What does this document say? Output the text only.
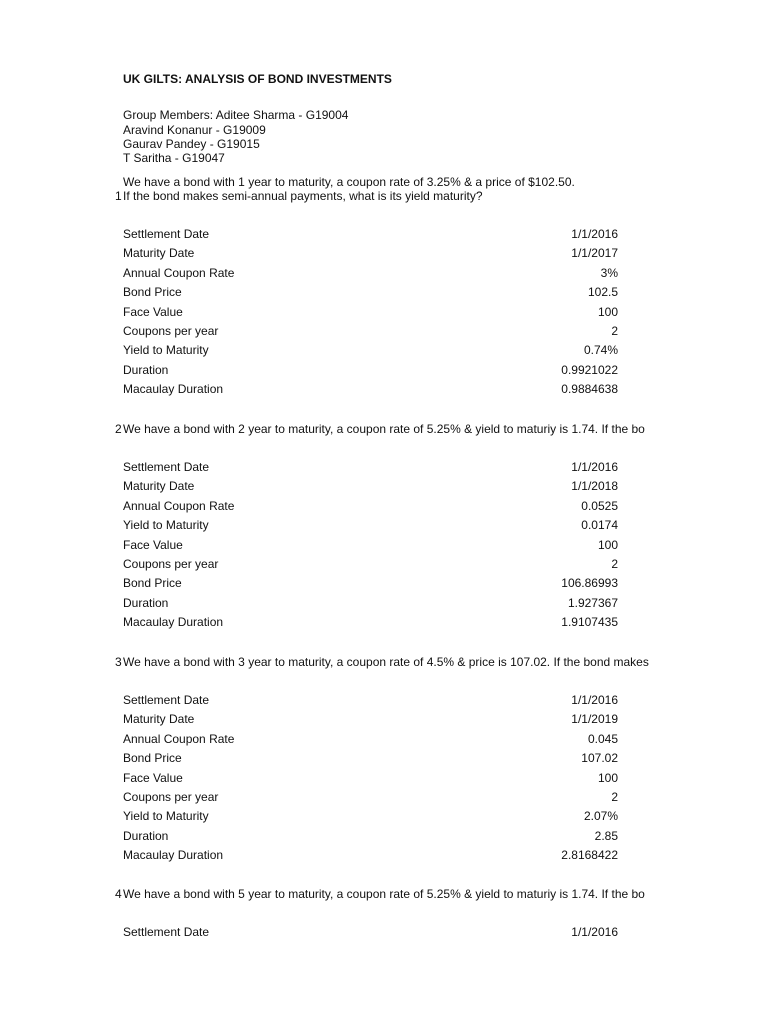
UK GILTS: ANALYSIS OF BOND INVESTMENTS
Group Members: Aditee Sharma - G19004
Aravind Konanur - G19009
Gaurav Pandey - G19015
T Saritha - G19047
We have a bond with 1 year to maturity, a coupon rate of 3.25% & a price of $102.50.
1 If the bond makes semi-annual payments, what is its yield maturity?
Settlement Date	1/1/2016
Maturity Date	1/1/2017
Annual Coupon Rate	3%
Bond Price	102.5
Face Value	100
Coupons per year	2
Yield to Maturity	0.74%
Duration	0.9921022
Macaulay Duration	0.9884638
2 We have a bond with 2 year to maturity, a coupon rate of 5.25% & yield to maturiy is 1.74. If the bo
Settlement Date	1/1/2016
Maturity Date	1/1/2018
Annual Coupon Rate	0.0525
Yield to Maturity	0.0174
Face Value	100
Coupons per year	2
Bond Price	106.86993
Duration	1.927367
Macaulay Duration	1.9107435
3 We have a bond with 3 year to maturity, a coupon rate of 4.5% & price is 107.02. If the bond makes
Settlement Date	1/1/2016
Maturity Date	1/1/2019
Annual Coupon Rate	0.045
Bond Price	107.02
Face Value	100
Coupons per year	2
Yield to Maturity	2.07%
Duration	2.85
Macaulay Duration	2.8168422
4 We have a bond with 5 year to maturity, a coupon rate of 5.25% & yield to maturiy is 1.74. If the bo
Settlement Date	1/1/2016
